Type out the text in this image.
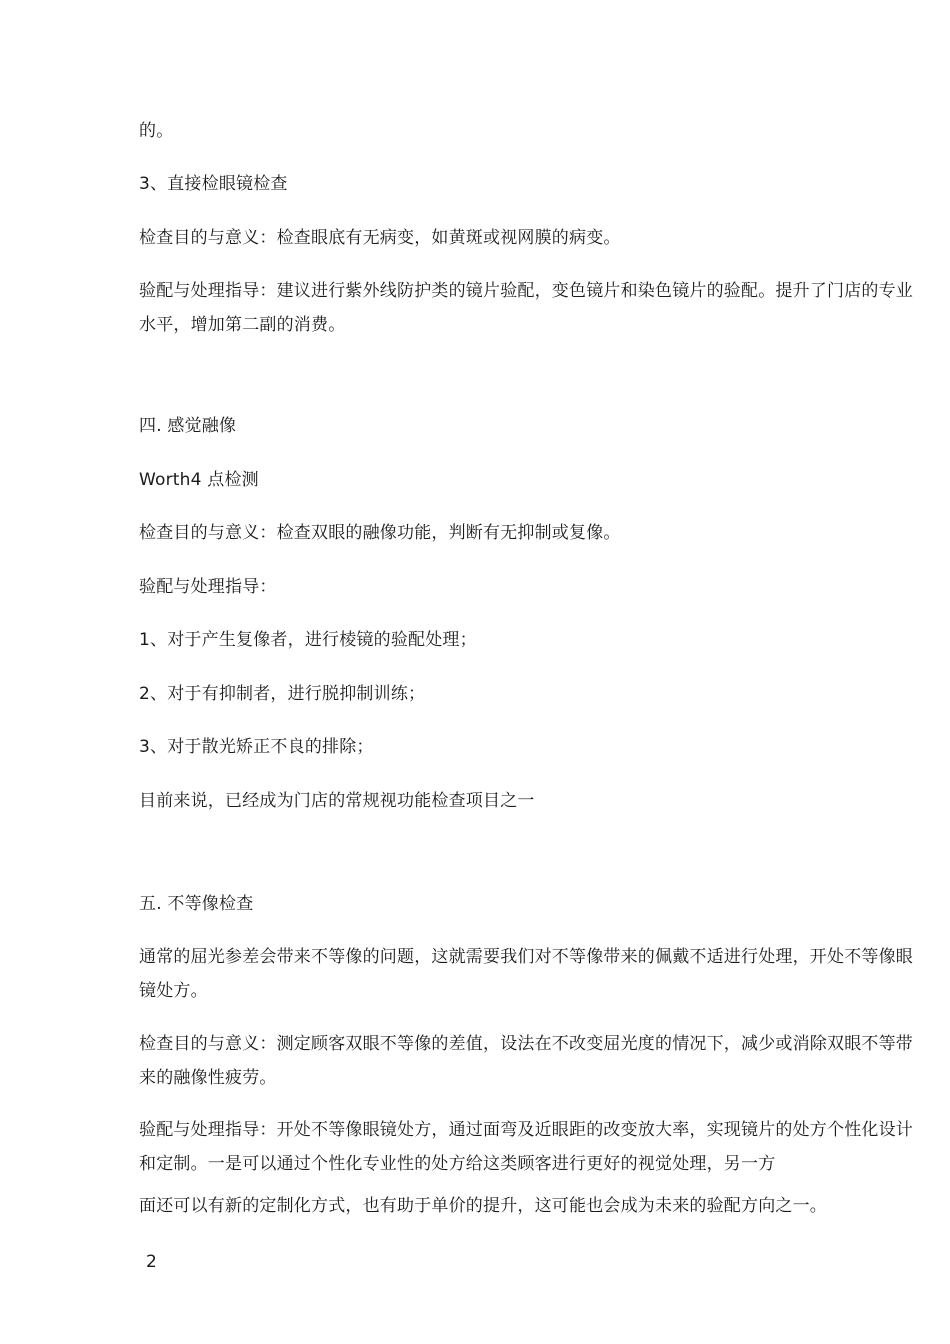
的。
3、直接检眼镜检查
检查目的与意义：检查眼底有无病变，如黄斑或视网膜的病变。
验配与处理指导：建议进行紫外线防护类的镜片验配，变色镜片和染色镜片的验配。提升了门店的专业水平，增加第二副的消费。
四. 感觉融像
Worth4 点检测
检查目的与意义：检查双眼的融像功能，判断有无抑制或复像。
验配与处理指导：
1、对于产生复像者，进行棱镜的验配处理；
2、对于有抑制者，进行脱抑制训练；
3、对于散光矫正不良的排除；
目前来说，已经成为门店的常规视功能检查项目之一
五. 不等像检查
通常的屈光参差会带来不等像的问题，这就需要我们对不等像带来的佩戴不适进行处理，开处不等像眼镜处方。
检查目的与意义：测定顾客双眼不等像的差值，设法在不改变屈光度的情况下，减少或消除双眼不等带来的融像性疲劳。
验配与处理指导：开处不等像眼镜处方，通过面弯及近眼距的改变放大率，实现镜片的处方个性化设计和定制。一是可以通过个性化专业性的处方给这类顾客进行更好的视觉处理，另一方
面还可以有新的定制化方式，也有助于单价的提升，这可能也会成为未来的验配方向之一。
2
